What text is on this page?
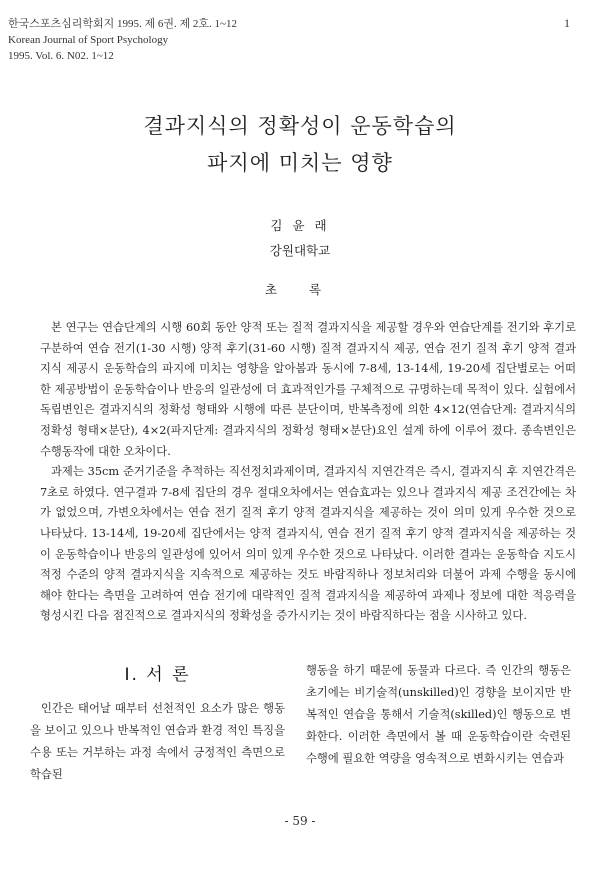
한국스포츠심리학회지 1995. 제 6권. 제 2호. 1~12
Korean Journal of Sport Psychology
1995. Vol. 6. N02. 1~12
1
결과지식의 정확성이 운동학습의
파지에 미치는 영향
김 윤 래
강원대학교
초 록

본 연구는 연습단계의 시행 60회 동안 양적 또는 질적 결과지식을 제공할 경우와 연습단계를 전기와 후기로 구분하여 연습 전기(1-30 시행) 양적 후기(31-60 시행) 질적 결과지식 제공, 연습 전기 질적 후기 양적 결과지식 제공시 운동학습의 파지에 미치는 영향을 알아봄과 동시에 7-8세, 13-14세, 19-20세 집단별로는 어떠한 제공방법이 운동학습이나 반응의 일관성에 더 효과적인가를 구체적으로 규명하는데 목적이 있다. 실험에서 독립변인은 결과지식의 정확성 형태와 시행에 따른 분단이며, 반복측정에 의한 4×12(연습단계: 결과지식의 정확성 형태×분단), 4×2(파지단계: 결과지식의 정확성 형태×분단)요인 설계 하에 이루어 졌다. 종속변인은 수행동작에 대한 오차이다.

과제는 35cm 준거기준을 추적하는 직선정치과제이며, 결과지식 지연간격은 즉시, 결과지식 후 지연간격은 7초로 하였다. 연구결과 7-8세 집단의 경우 절대오차에서는 연습효과는 있으나 결과지식 제공 조건간에는 차가 없었으며, 가변오차에서는 연습 전기 질적 후기 양적 결과지식을 제공하는 것이 의미 있게 우수한 것으로 나타났다. 13-14세, 19-20세 집단에서는 양적 결과지식, 연습 전기 질적 후기 양적 결과지식을 제공하는 것이 운동학습이나 반응의 일관성에 있어서 의미 있게 우수한 것으로 나타났다. 이러한 결과는 운동학습 지도시 적정 수준의 양적 결과지식을 지속적으로 제공하는 것도 바람직하나 정보처리와 더불어 과제 수행을 동시에 해야 한다는 측면을 고려하여 연습 전기에 대략적인 질적 결과지식을 제공하여 과제나 정보에 대한 적응력을 형성시킨 다음 점진적으로 결과지식의 정확성을 증가시키는 것이 바람직하다는 점을 시사하고 있다.

Ⅰ. 서 론

인간은 태어날 때부터 선천적인 요소가 많은 행동을 보이고 있으나 반복적인 연습과 환경 적인 특징을 수용 또는 거부하는 과정 속에서 긍정적인 측면으로 학습된

행동을 하기 때문에 동물과 다르다. 즉 인간의 행동은 초기에는 비기술적(unskilled)인 경향을 보이지만 반복적인 연습을 통해서 기술적(skilled)인 행동으로 변화한다. 이러한 측면에서 볼 때 운동학습이란 숙련된 수행에 필요한 역량을 영속적으로 변화시키는 연습과

- 59 -
